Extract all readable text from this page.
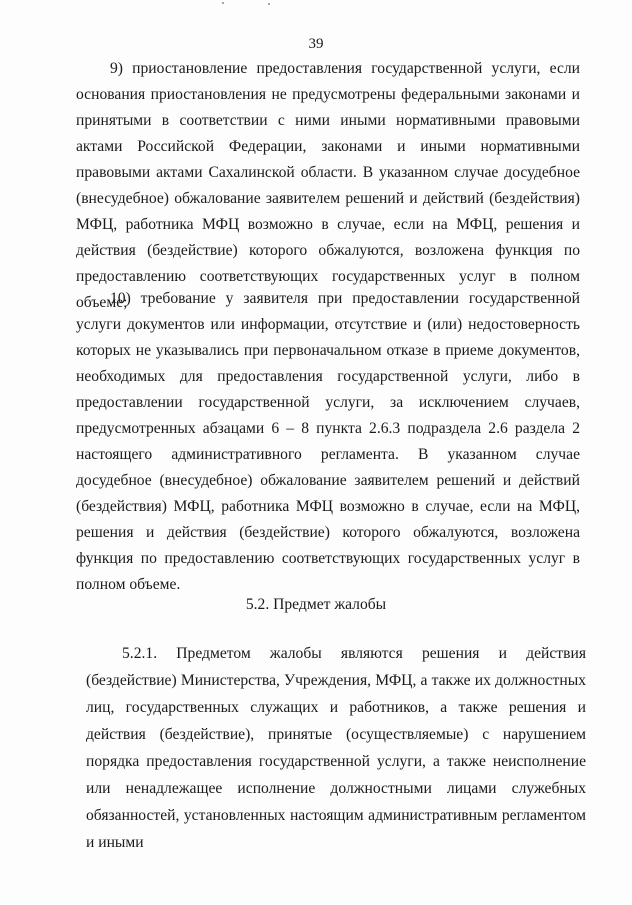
39

9) приостановление предоставления государственной услуги, если основания приостановления не предусмотрены федеральными законами и принятыми в соответствии с ними иными нормативными правовыми актами Российской Федерации, законами и иными нормативными правовыми актами Сахалинской области. В указанном случае досудебное (внесудебное) обжалование заявителем решений и действий (бездействия) МФЦ, работника МФЦ возможно в случае, если на МФЦ, решения и действия (бездействие) которого обжалуются, возложена функция по предоставлению соответствующих государственных услуг в полном объеме;

10) требование у заявителя при предоставлении государственной услуги документов или информации, отсутствие и (или) недостоверность которых не указывались при первоначальном отказе в приеме документов, необходимых для предоставления государственной услуги, либо в предоставлении государственной услуги, за исключением случаев, предусмотренных абзацами 6 – 8 пункта 2.6.3 подраздела 2.6 раздела 2 настоящего административного регламента. В указанном случае досудебное (внесудебное) обжалование заявителем решений и действий (бездействия) МФЦ, работника МФЦ возможно в случае, если на МФЦ, решения и действия (бездействие) которого обжалуются, возложена функция по предоставлению соответствующих государственных услуг в полном объеме.

5.2. Предмет жалобы

5.2.1. Предметом жалобы являются решения и действия (бездействие) Министерства, Учреждения, МФЦ, а также их должностных лиц, государственных служащих и работников, а также решения и действия (бездействие), принятые (осуществляемые) с нарушением порядка предоставления государственной услуги, а также неисполнение или ненадлежащее исполнение должностными лицами служебных обязанностей, установленных настоящим административным регламентом и иными
